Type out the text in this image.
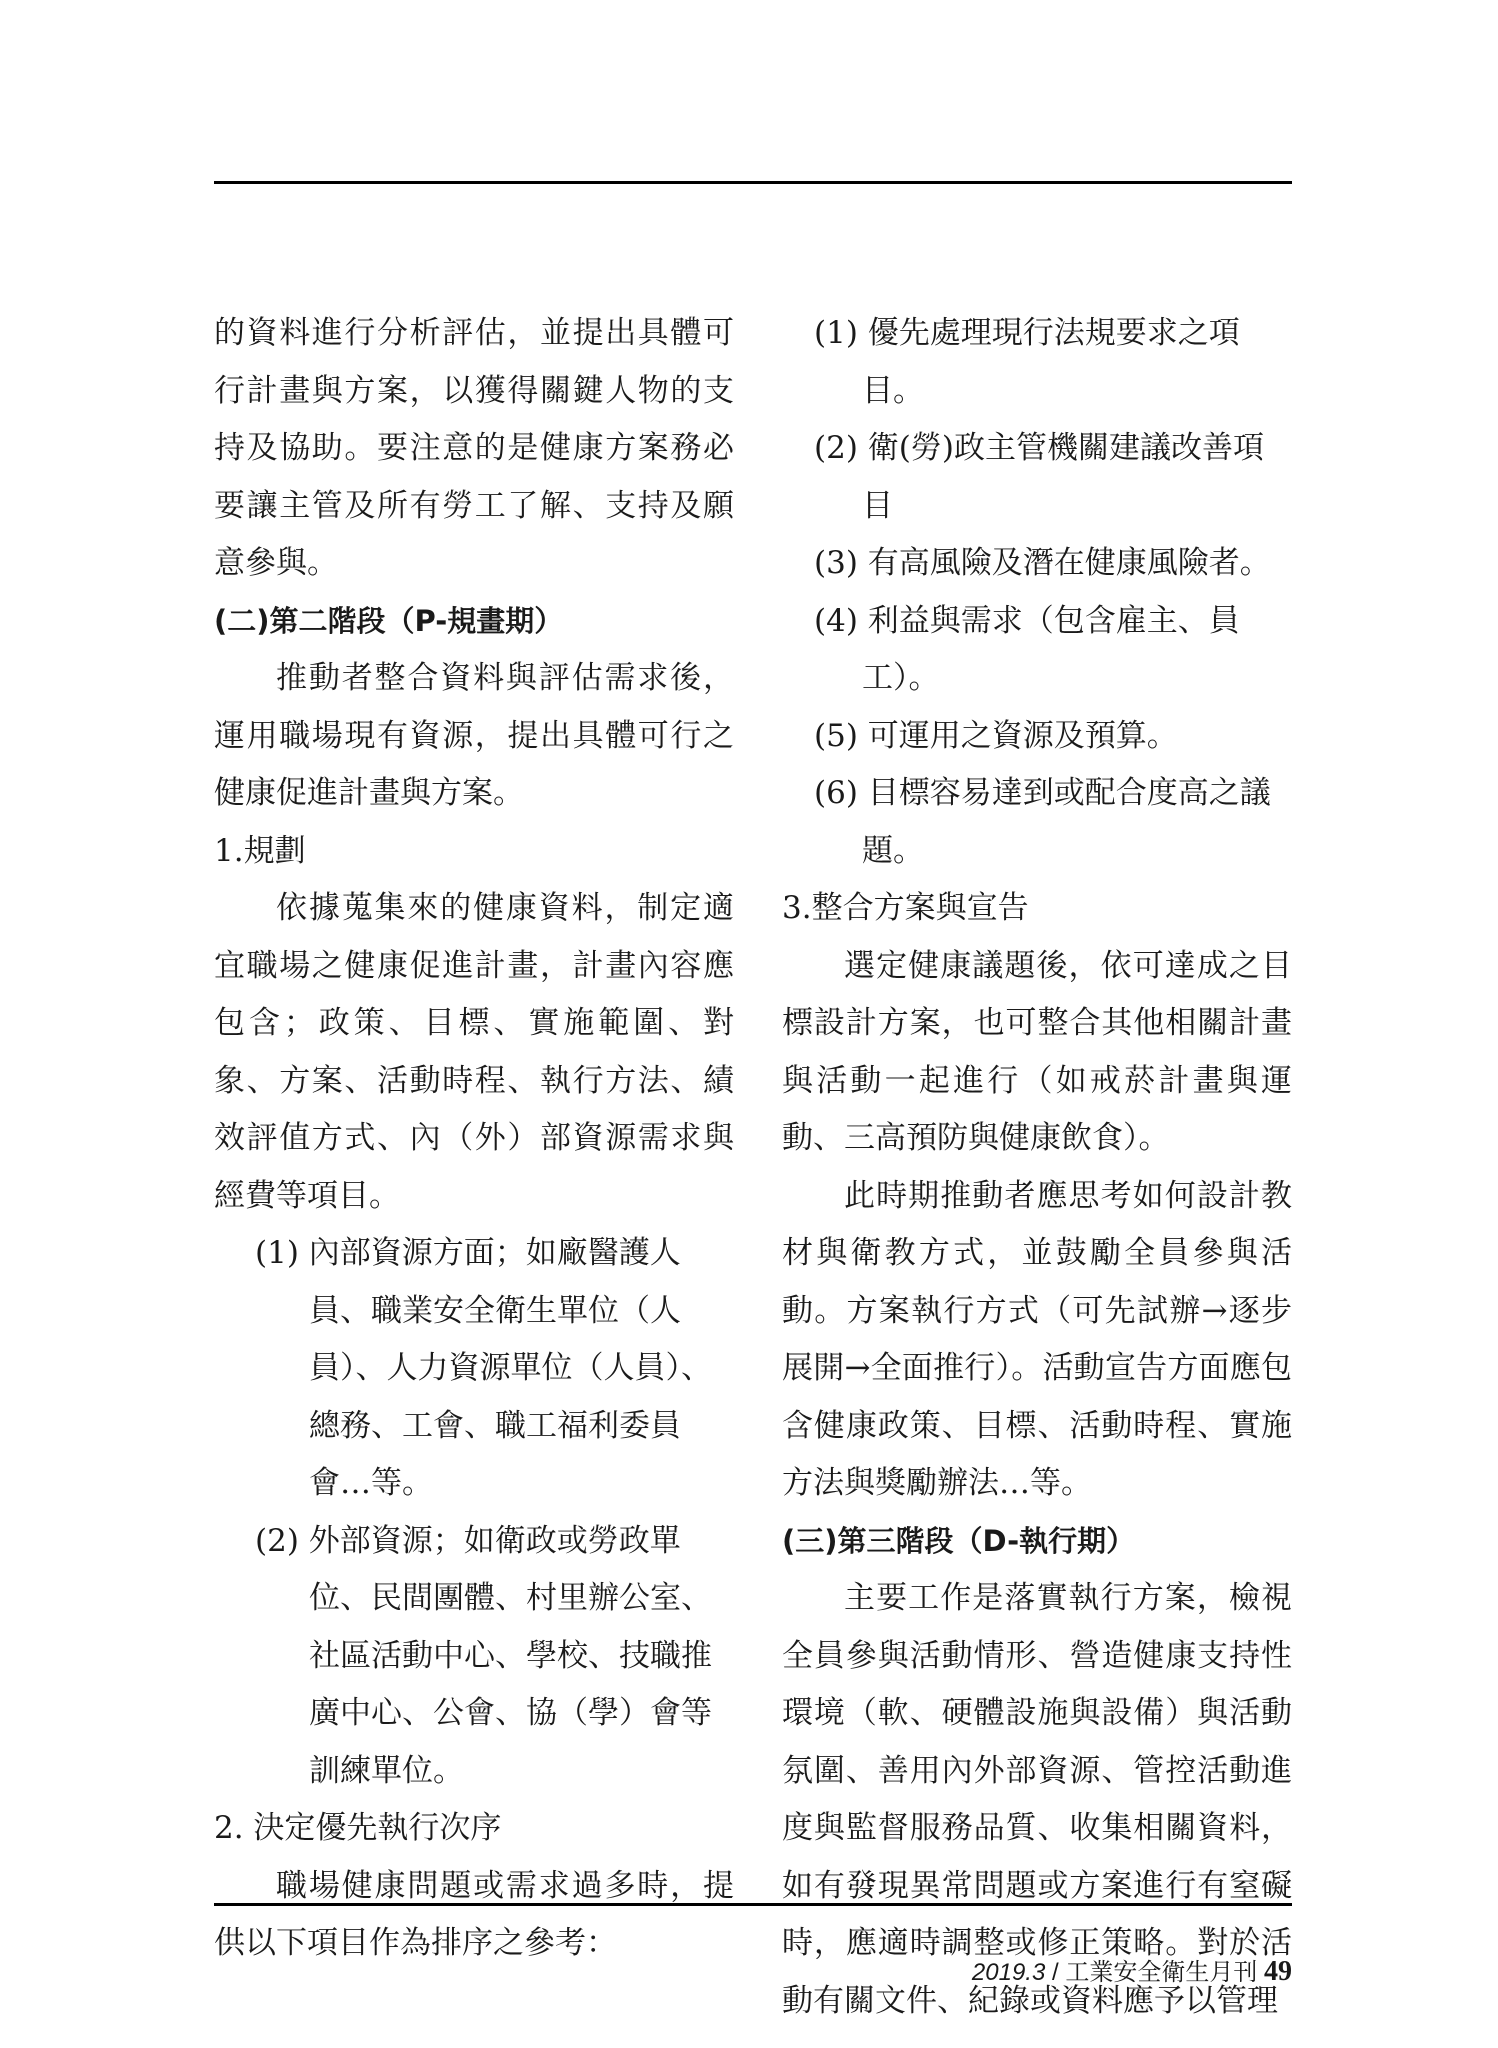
的資料進行分析評估，並提出具體可行計畫與方案，以獲得關鍵人物的支持及協助。要注意的是健康方案務必要讓主管及所有勞工了解、支持及願意參與。

(二)第二階段（P-規畫期）

推動者整合資料與評估需求後，運用職場現有資源，提出具體可行之健康促進計畫與方案。

1.規劃

依據蒐集來的健康資料，制定適宜職場之健康促進計畫，計畫內容應包含；政策、目標、實施範圍、對象、方案、活動時程、執行方法、績效評值方式、內（外）部資源需求與經費等項目。

(1) 內部資源方面；如廠醫護人員、職業安全衛生單位（人員）、人力資源單位（人員）、總務、工會、職工福利委員會…等。

(2) 外部資源；如衛政或勞政單位、民間團體、村里辦公室、社區活動中心、學校、技職推廣中心、公會、協（學）會等訓練單位。

2. 決定優先執行次序

職場健康問題或需求過多時，提供以下項目作為排序之參考：

(1) 優先處理現行法規要求之項目。

(2) 衛(勞)政主管機關建議改善項目

(3) 有高風險及潛在健康風險者。

(4) 利益與需求（包含雇主、員工）。

(5) 可運用之資源及預算。

(6) 目標容易達到或配合度高之議題。

3.整合方案與宣告

選定健康議題後，依可達成之目標設計方案，也可整合其他相關計畫與活動一起進行（如戒菸計畫與運動、三高預防與健康飲食）。

此時期推動者應思考如何設計教材與衛教方式，並鼓勵全員參與活動。方案執行方式（可先試辦→逐步展開→全面推行）。活動宣告方面應包含健康政策、目標、活動時程、實施方法與獎勵辦法…等。

(三)第三階段（D-執行期）

主要工作是落實執行方案，檢視全員參與活動情形、營造健康支持性環境（軟、硬體設施與設備）與活動氛圍、善用內外部資源、管控活動進度與監督服務品質、收集相關資料，如有發現異常問題或方案進行有窒礙時，應適時調整或修正策略。對於活動有關文件、紀錄或資料應予以管理

2019.3 / 工業安全衛生月刊 49
